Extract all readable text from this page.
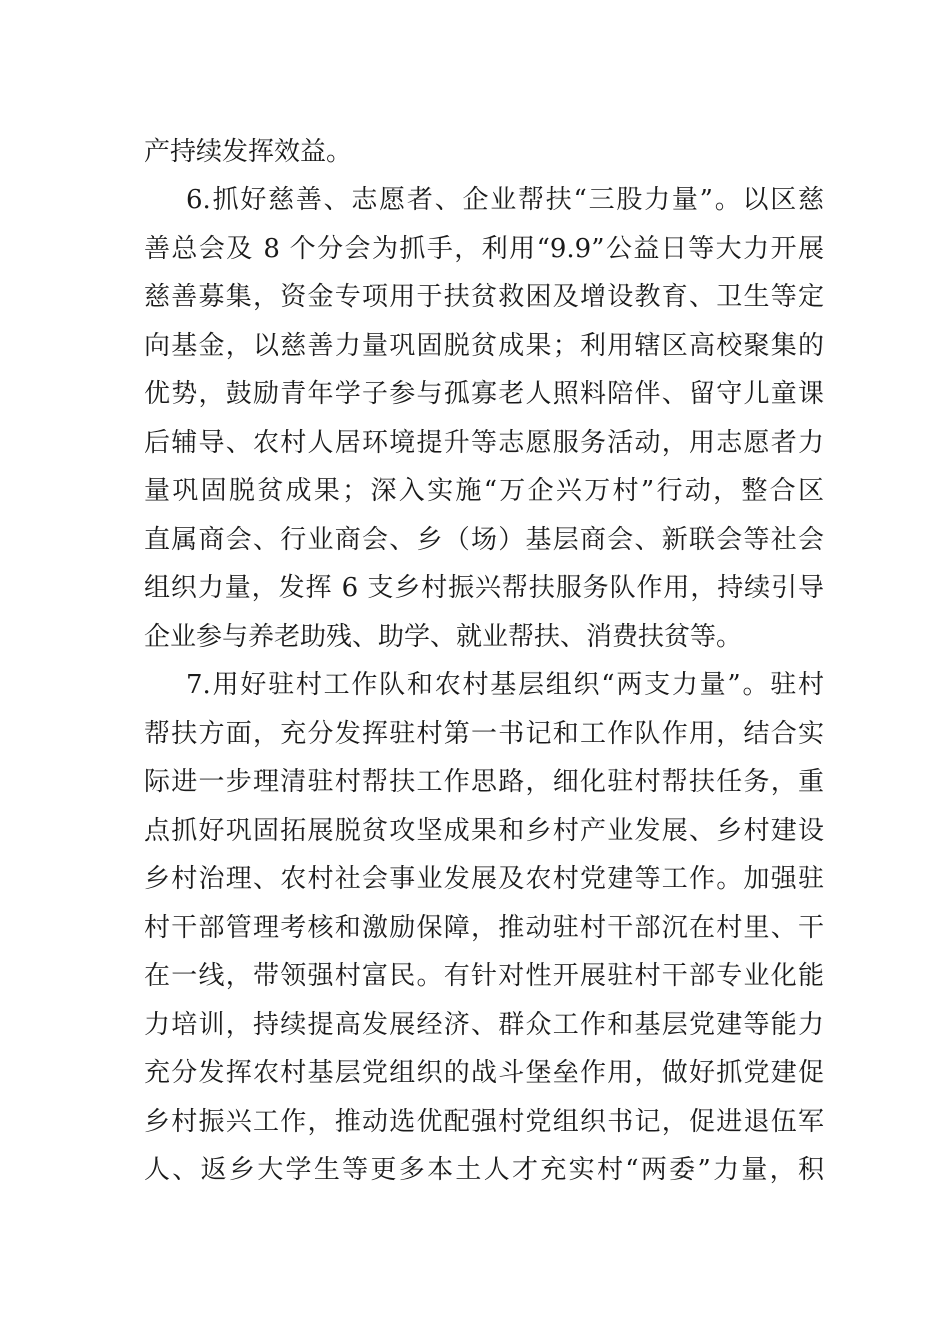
产持续发挥效益。

6.抓好慈善、志愿者、企业帮扶“三股力量”。以区慈

善总会及 8 个分会为抓手，利用“9.9”公益日等大力开展

慈善募集，资金专项用于扶贫救困及增设教育、卫生等定

向基金，以慈善力量巩固脱贫成果；利用辖区高校聚集的

优势，鼓励青年学子参与孤寡老人照料陪伴、留守儿童课

后辅导、农村人居环境提升等志愿服务活动，用志愿者力

量巩固脱贫成果；深入实施“万企兴万村”行动，整合区

直属商会、行业商会、乡（场）基层商会、新联会等社会

组织力量，发挥 6 支乡村振兴帮扶服务队作用，持续引导

企业参与养老助残、助学、就业帮扶、消费扶贫等。

7.用好驻村工作队和农村基层组织“两支力量”。驻村

帮扶方面，充分发挥驻村第一书记和工作队作用，结合实

际进一步理清驻村帮扶工作思路，细化驻村帮扶任务，重

点抓好巩固拓展脱贫攻坚成果和乡村产业发展、乡村建设

乡村治理、农村社会事业发展及农村党建等工作。加强驻

村干部管理考核和激励保障，推动驻村干部沉在村里、干

在一线，带领强村富民。有针对性开展驻村干部专业化能

力培训，持续提高发展经济、群众工作和基层党建等能力

充分发挥农村基层党组织的战斗堡垒作用，做好抓党建促

乡村振兴工作，推动选优配强村党组织书记，促进退伍军

人、返乡大学生等更多本土人才充实村“两委”力量，积
